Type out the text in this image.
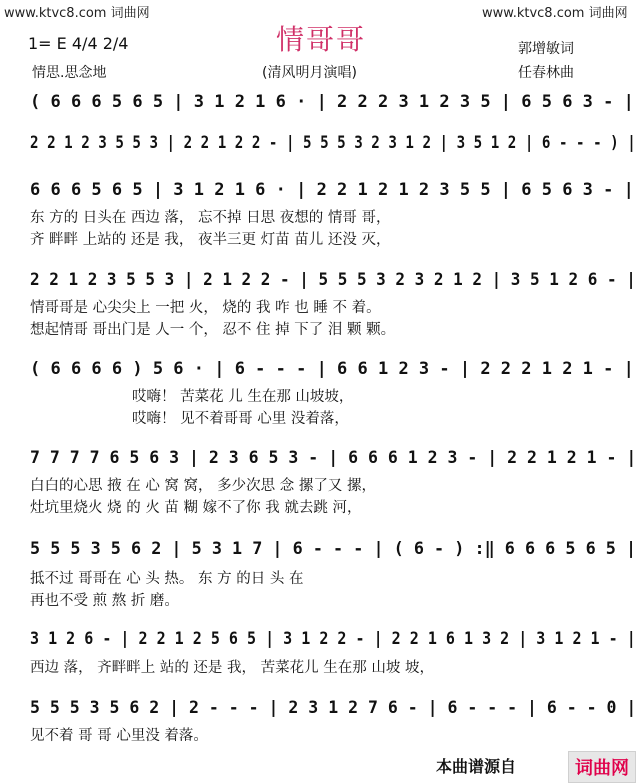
www.ktvc8.com 词曲网	www.ktvc8.com 词曲网
情哥哥
1= E 4/4 2/4	郭增敏词
情思.思念地	(清风明月演唱)	任春林曲
( 6 6 6 5 6 5 | 3 1 2 1 6 · | 2 2 2 3 1 2 3 5 | 6 5 6 3 - |
2 2 1 2 3 5 5 3 | 2 2 1 2 2 - | 5 5 5 3 2 3 1 2 | 3 5 1 2 | 6 - - - ) |
6 6 6 5 6 5 | 3 1 2 1 6 · | 2 2 1 2 1 2 3 5 5 | 6 5 6 3 - |
东 方的 日头在 西边 落， 忘不掉 日思 夜想的 情哥 哥，
齐 畔畔 上站的 还是 我， 夜半三更 灯苗 苗儿 还没 灭，
2 2 1 2 3 5 5 3 | 2 1 2 2 - | 5 5 5 3 2 3 2 1 2 | 3 5 1 2 6 - |
情哥哥是 心尖尖上 一把 火， 烧的 我 咋 也 睡 不 着。
想起情哥 哥出门是 人一 个， 忍不 住 掉 下了 泪 颗 颗。
( 6 6 6 6 ) 5 6 · | 6 - - - | 6 6 1 2 3 - | 2 2 2 1 2 1 - |
哎嗨！ 苦菜花 儿 生在那 山坡坡，
哎嗨！ 见不着哥哥 心里 没着落，
7 7 7 7 6 5 6 3 | 2 3 6 5 3 - | 6 6 6 1 2 3 - | 2 2 1 2 1 - |
白白的心思 掖 在 心 窝 窝， 多少次思 念 摞了又 摞，
灶坑里烧火 烧 的 火 苗 糊 嫁不了你 我 就去跳 河，
5 5 5 3 5 6 2 | 5 3 1 7 | 6 - - - | ( 6 - ) :‖ 6 6 6 5 6 5 |
抵不过 哥哥在 心 头 热。 东 方 的日 头 在
再也不受 煎 熬 折 磨。
3 1 2 6 - | 2 2 1 2 5 6 5 | 3 1 2 2 - | 2 2 1 6 1 3 2 | 3 1 2 1 - |
西边 落， 齐畔畔上 站的 还是 我， 苦菜花儿 生在那 山坡 坡，
5 5 5 3 5 6 2 | 2 - - - | 2 3 1 2 7 6 - | 6 - - - | 6 - - 0 |
见不着 哥 哥 心里没 着落。
本曲谱源自	词曲网
